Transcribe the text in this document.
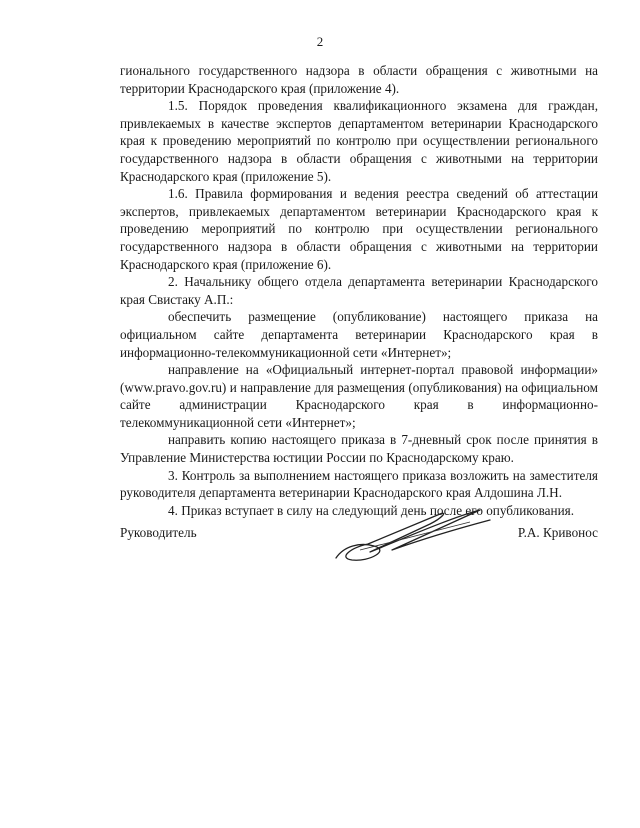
2

гионального государственного надзора в области обращения с животными на территории Краснодарского края (приложение 4).

1.5. Порядок проведения квалификационного экзамена для граждан, привлекаемых в качестве экспертов департаментом ветеринарии Краснодарского края к проведению мероприятий по контролю при осуществлении регионального государственного надзора в области обращения с животными на территории Краснодарского края (приложение 5).

1.6. Правила формирования и ведения реестра сведений об аттестации экспертов, привлекаемых департаментом ветеринарии Краснодарского края к проведению мероприятий по контролю при осуществлении регионального государственного надзора в области обращения с животными на территории Краснодарского края (приложение 6).

2. Начальнику общего отдела департамента ветеринарии Краснодарского края Свистаку А.П.:

обеспечить размещение (опубликование) настоящего приказа на официальном сайте департамента ветеринарии Краснодарского края в информационно-телекоммуникационной сети «Интернет»;

направление на «Официальный интернет-портал правовой информации» (www.pravo.gov.ru) и направление для размещения (опубликования) на официальном сайте администрации Краснодарского края в информационно-телекоммуникационной сети «Интернет»;

направить копию настоящего приказа в 7-дневный срок после принятия в Управление Министерства юстиции России по Краснодарскому краю.

3. Контроль за выполнением настоящего приказа возложить на заместителя руководителя департамента ветеринарии Краснодарского края Алдошина Л.Н.

4. Приказ вступает в силу на следующий день после его опубликования.

Руководитель	Р.А. Кривонос
